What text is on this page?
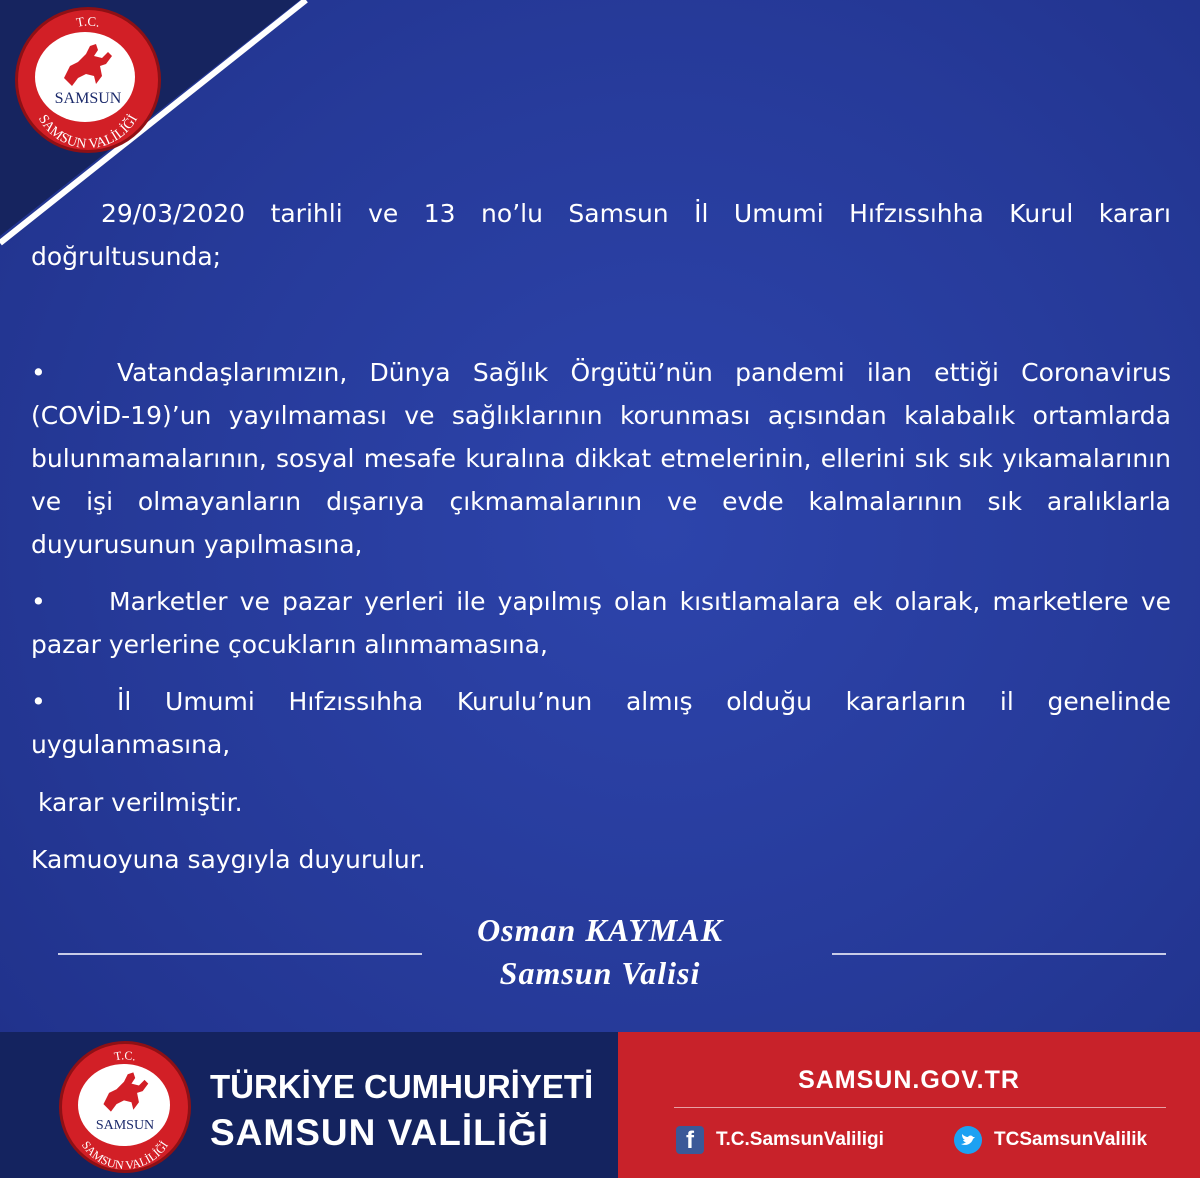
T.C.
SAMSUN VALİLİĞİ
SAMSUN

29/03/2020 tarihli ve 13 no’lu Samsun İl Umumi Hıfzıssıhha Kurul kararı doğrultusunda;

•	Vatandaşlarımızın, Dünya Sağlık Örgütü’nün pandemi ilan ettiği Coronavirus (COVİD-19)’un yayılmaması ve sağlıklarının korunması açısından kalabalık ortamlarda bulunmamalarının, sosyal mesafe kuralına dikkat etmelerinin, ellerini sık sık yıkamalarının ve işi olmayanların dışarıya çıkmamalarının ve evde kalmalarının sık aralıklarla duyurusunun yapılmasına,

•	Marketler ve pazar yerleri ile yapılmış olan kısıtlamalara ek olarak, marketlere ve pazar yerlerine çocukların alınmamasına,

•	İl Umumi Hıfzıssıhha Kurulu’nun almış olduğu kararların il genelinde uygulanmasına,

karar verilmiştir.
Kamuoyuna saygıyla duyurulur.
Osman KAYMAK
Samsun Valisi
T.C.
SAMSUN VALİLİĞİ
SAMSUN
TÜRKİYE CUMHURİYETİ
SAMSUN VALİLİĞİ
SAMSUN.GOV.TR
f	T.C.SamsunValiligi	TCSamsunValilik
